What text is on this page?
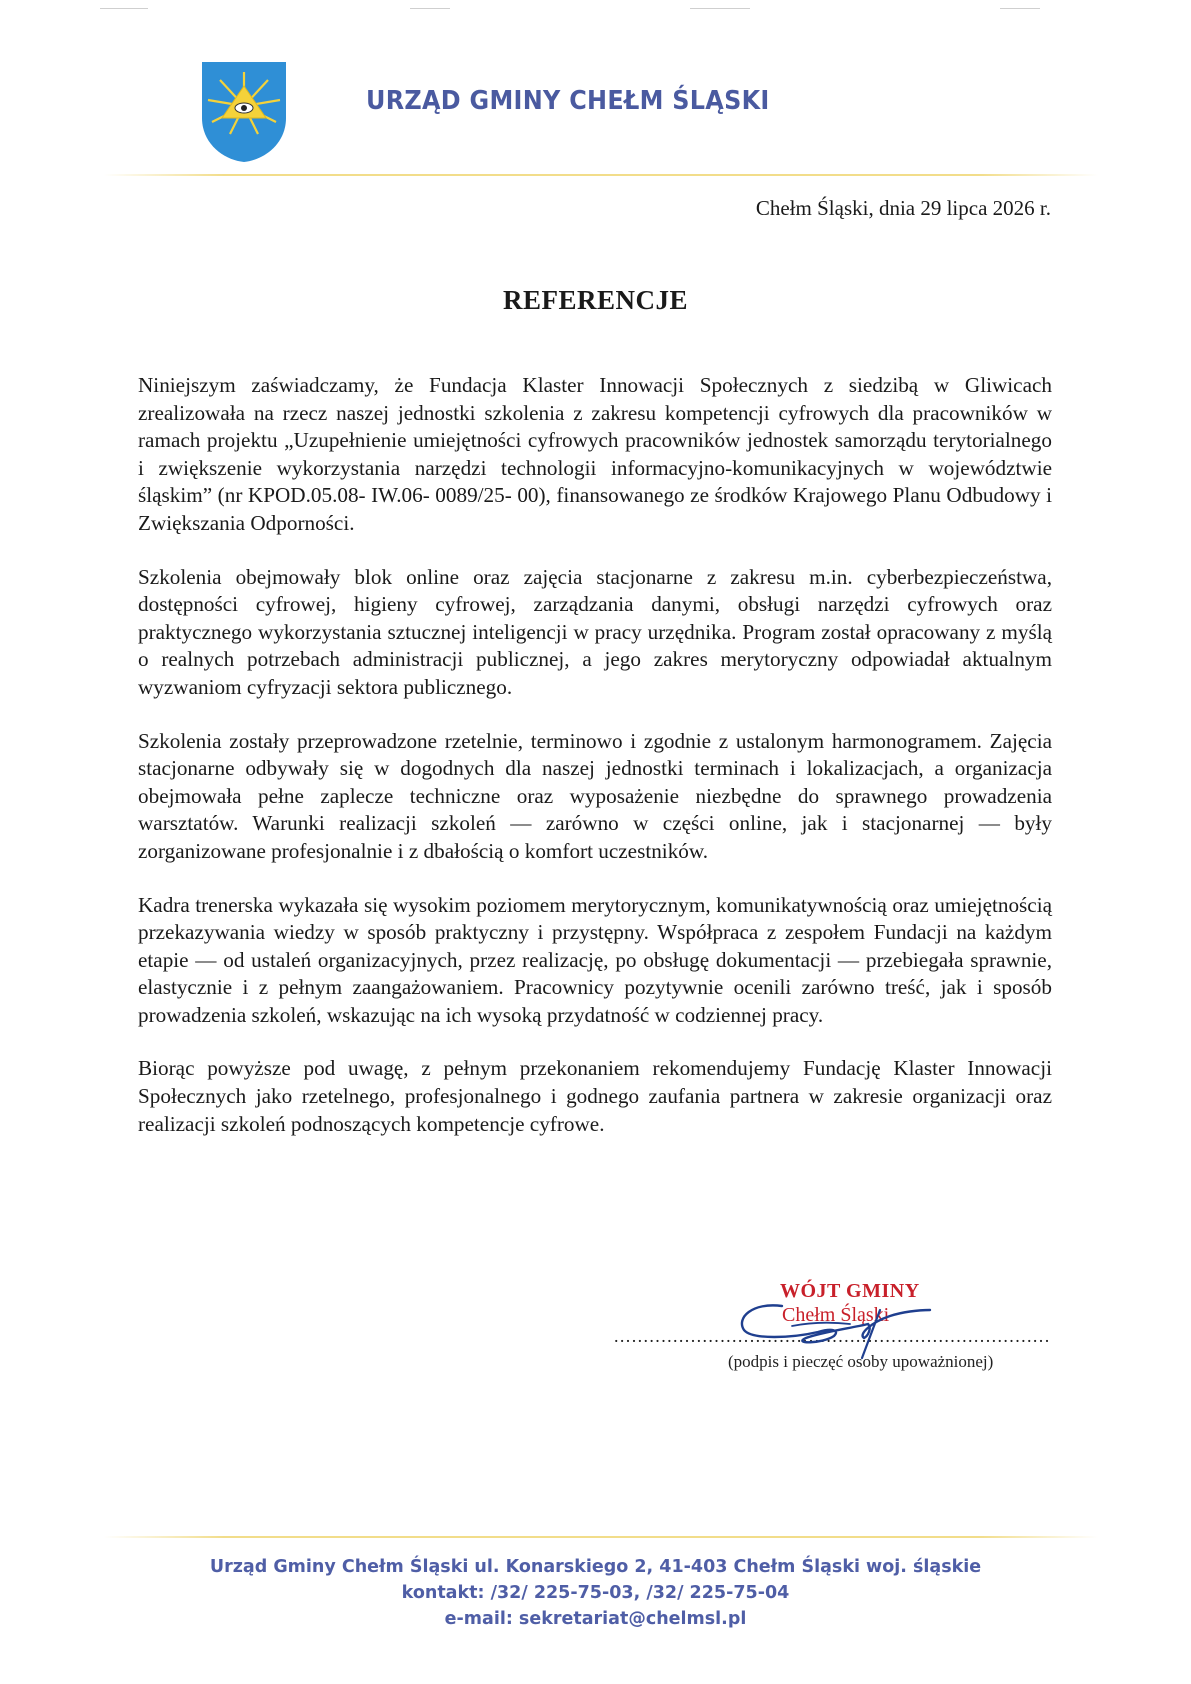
URZĄD GMINY CHEŁM ŚLĄSKI
Chełm Śląski, dnia 29 lipca 2026 r.
REFERENCJE

Niniejszym zaświadczamy, że Fundacja Klaster Innowacji Społecznych z siedzibą w Gliwicach zrealizowała na rzecz naszej jednostki szkolenia z zakresu kompetencji cyfrowych dla pracowników w ramach projektu „Uzupełnienie umiejętności cyfrowych pracowników jednostek samorządu terytorialnego i zwiększenie wykorzystania narzędzi technologii informacyjno-komunikacyjnych w województwie śląskim” (nr KPOD.05.08- IW.06- 0089/25- 00), finansowanego ze środków Krajowego Planu Odbudowy i Zwiększania Odporności.

Szkolenia obejmowały blok online oraz zajęcia stacjonarne z zakresu m.in. cyberbezpieczeństwa, dostępności cyfrowej, higieny cyfrowej, zarządzania danymi, obsługi narzędzi cyfrowych oraz praktycznego wykorzystania sztucznej inteligencji w pracy urzędnika. Program został opracowany z myślą o realnych potrzebach administracji publicznej, a jego zakres merytoryczny odpowiadał aktualnym wyzwaniom cyfryzacji sektora publicznego.

Szkolenia zostały przeprowadzone rzetelnie, terminowo i zgodnie z ustalonym harmonogramem. Zajęcia stacjonarne odbywały się w dogodnych dla naszej jednostki terminach i lokalizacjach, a organizacja obejmowała pełne zaplecze techniczne oraz wyposażenie niezbędne do sprawnego prowadzenia warsztatów. Warunki realizacji szkoleń — zarówno w części online, jak i stacjonarnej — były zorganizowane profesjonalnie i z dbałością o komfort uczestników.

Kadra trenerska wykazała się wysokim poziomem merytorycznym, komunikatywnością oraz umiejętnością przekazywania wiedzy w sposób praktyczny i przystępny. Współpraca z zespołem Fundacji na każdym etapie — od ustaleń organizacyjnych, przez realizację, po obsługę dokumentacji — przebiegała sprawnie, elastycznie i z pełnym zaangażowaniem. Pracownicy pozytywnie ocenili zarówno treść, jak i sposób prowadzenia szkoleń, wskazując na ich wysoką przydatność w codziennej pracy.

Biorąc powyższe pod uwagę, z pełnym przekonaniem rekomendujemy Fundację Klaster Innowacji Społecznych jako rzetelnego, profesjonalnego i godnego zaufania partnera w zakresie organizacji oraz realizacji szkoleń podnoszących kompetencje cyfrowe.

..........................................................................
(podpis i pieczęć osoby upoważnionej)
WÓJT GMINY
Chełm Śląski
Urząd Gminy Chełm Śląski ul. Konarskiego 2, 41-403 Chełm Śląski woj. śląskie
kontakt: /32/ 225-75-03, /32/ 225-75-04
e-mail: sekretariat@chelmsl.pl
